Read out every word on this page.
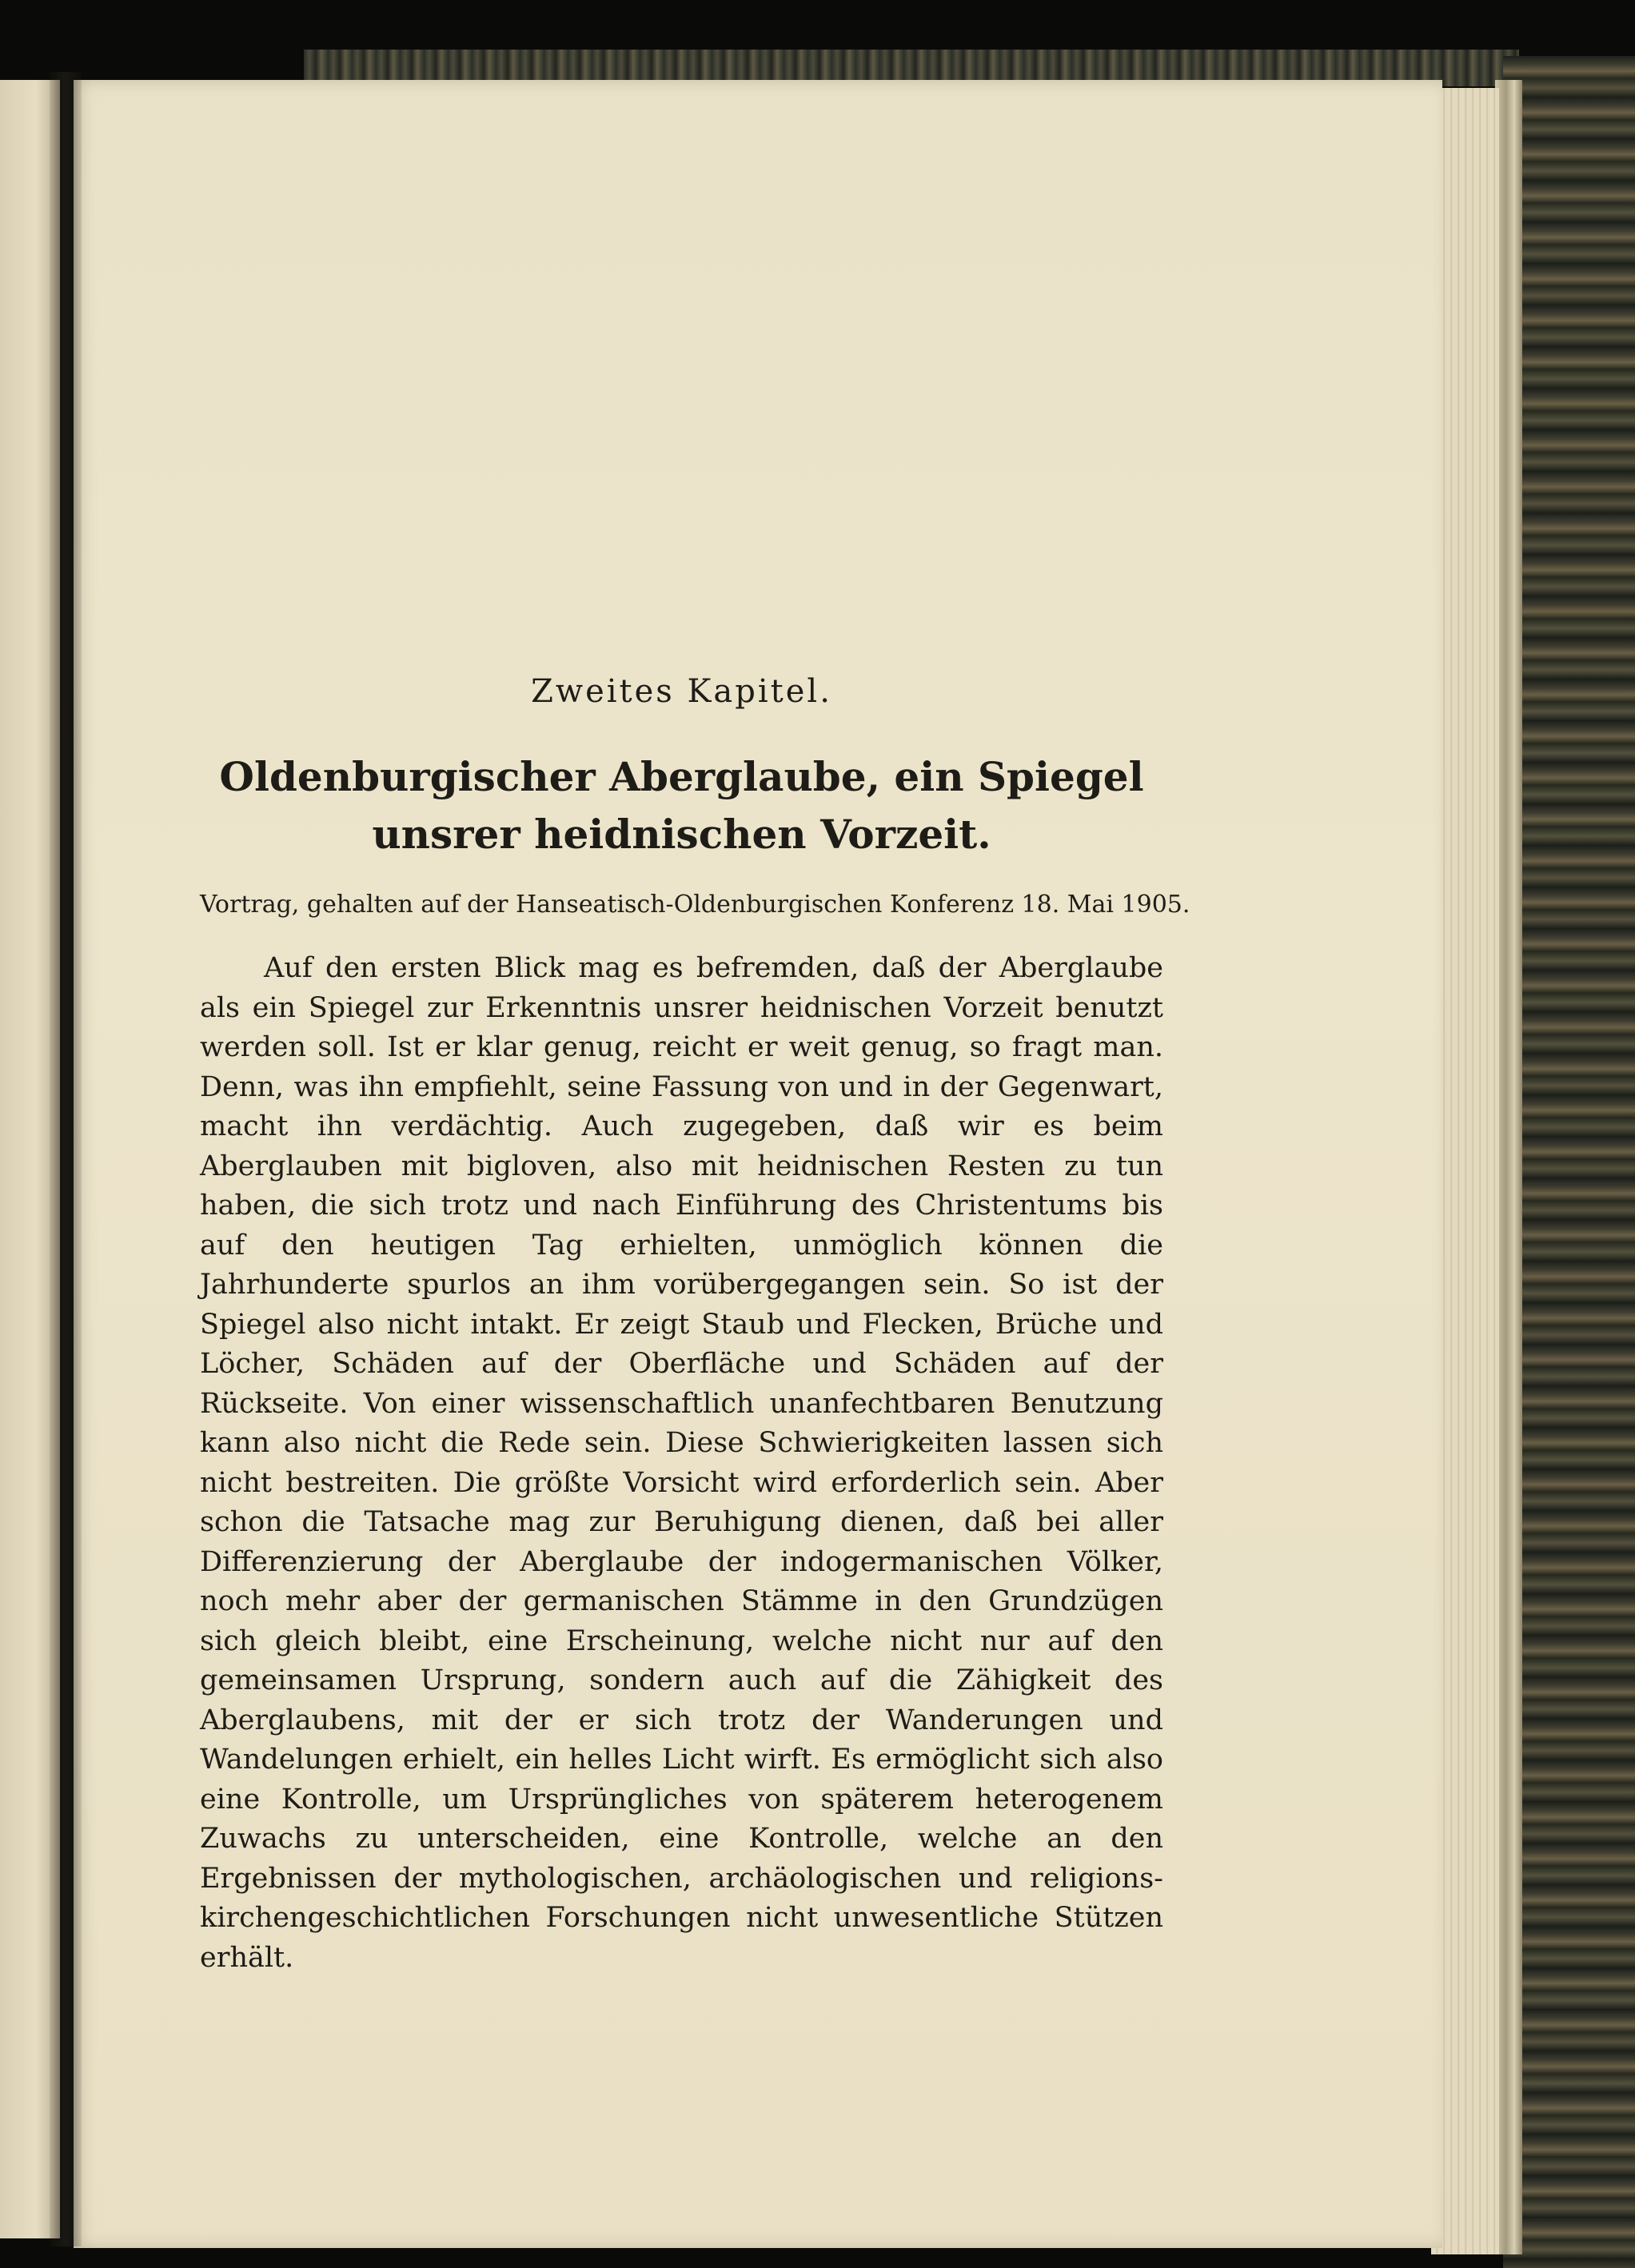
Zweites Kapitel.
Oldenburgischer Aberglaube, ein Spiegel unsrer heidnischen Vorzeit.
Vortrag, gehalten auf der Hanseatisch-Oldenburgischen Konferenz 18. Mai 1905.

Auf den ersten Blick mag es befremden, daß der Aberglaube als ein Spiegel zur Erkenntnis unsrer heidnischen Vorzeit benutzt werden soll. Ist er klar genug, reicht er weit genug, so fragt man. Denn, was ihn empfiehlt, seine Fassung von und in der Gegenwart, macht ihn verdächtig. Auch zugegeben, daß wir es beim Aberglauben mit bigloven, also mit heidnischen Resten zu tun haben, die sich trotz und nach Einführung des Christentums bis auf den heutigen Tag erhielten, unmöglich können die Jahrhunderte spurlos an ihm vorübergegangen sein. So ist der Spiegel also nicht intakt. Er zeigt Staub und Flecken, Brüche und Löcher, Schäden auf der Oberfläche und Schäden auf der Rückseite. Von einer wissenschaftlich unanfechtbaren Benutzung kann also nicht die Rede sein. Diese Schwierigkeiten lassen sich nicht bestreiten. Die größte Vorsicht wird erforderlich sein. Aber schon die Tatsache mag zur Beruhigung dienen, daß bei aller Differenzierung der Aberglaube der indogermanischen Völker, noch mehr aber der germanischen Stämme in den Grundzügen sich gleich bleibt, eine Erscheinung, welche nicht nur auf den gemeinsamen Ursprung, sondern auch auf die Zähigkeit des Aberglaubens, mit der er sich trotz der Wanderungen und Wandelungen erhielt, ein helles Licht wirft. Es ermöglicht sich also eine Kontrolle, um Ursprüngliches von späterem heterogenem Zuwachs zu unterscheiden, eine Kontrolle, welche an den Ergebnissen der mythologischen, archäologischen und religions-kirchengeschichtlichen Forschungen nicht unwesentliche Stützen erhält.
